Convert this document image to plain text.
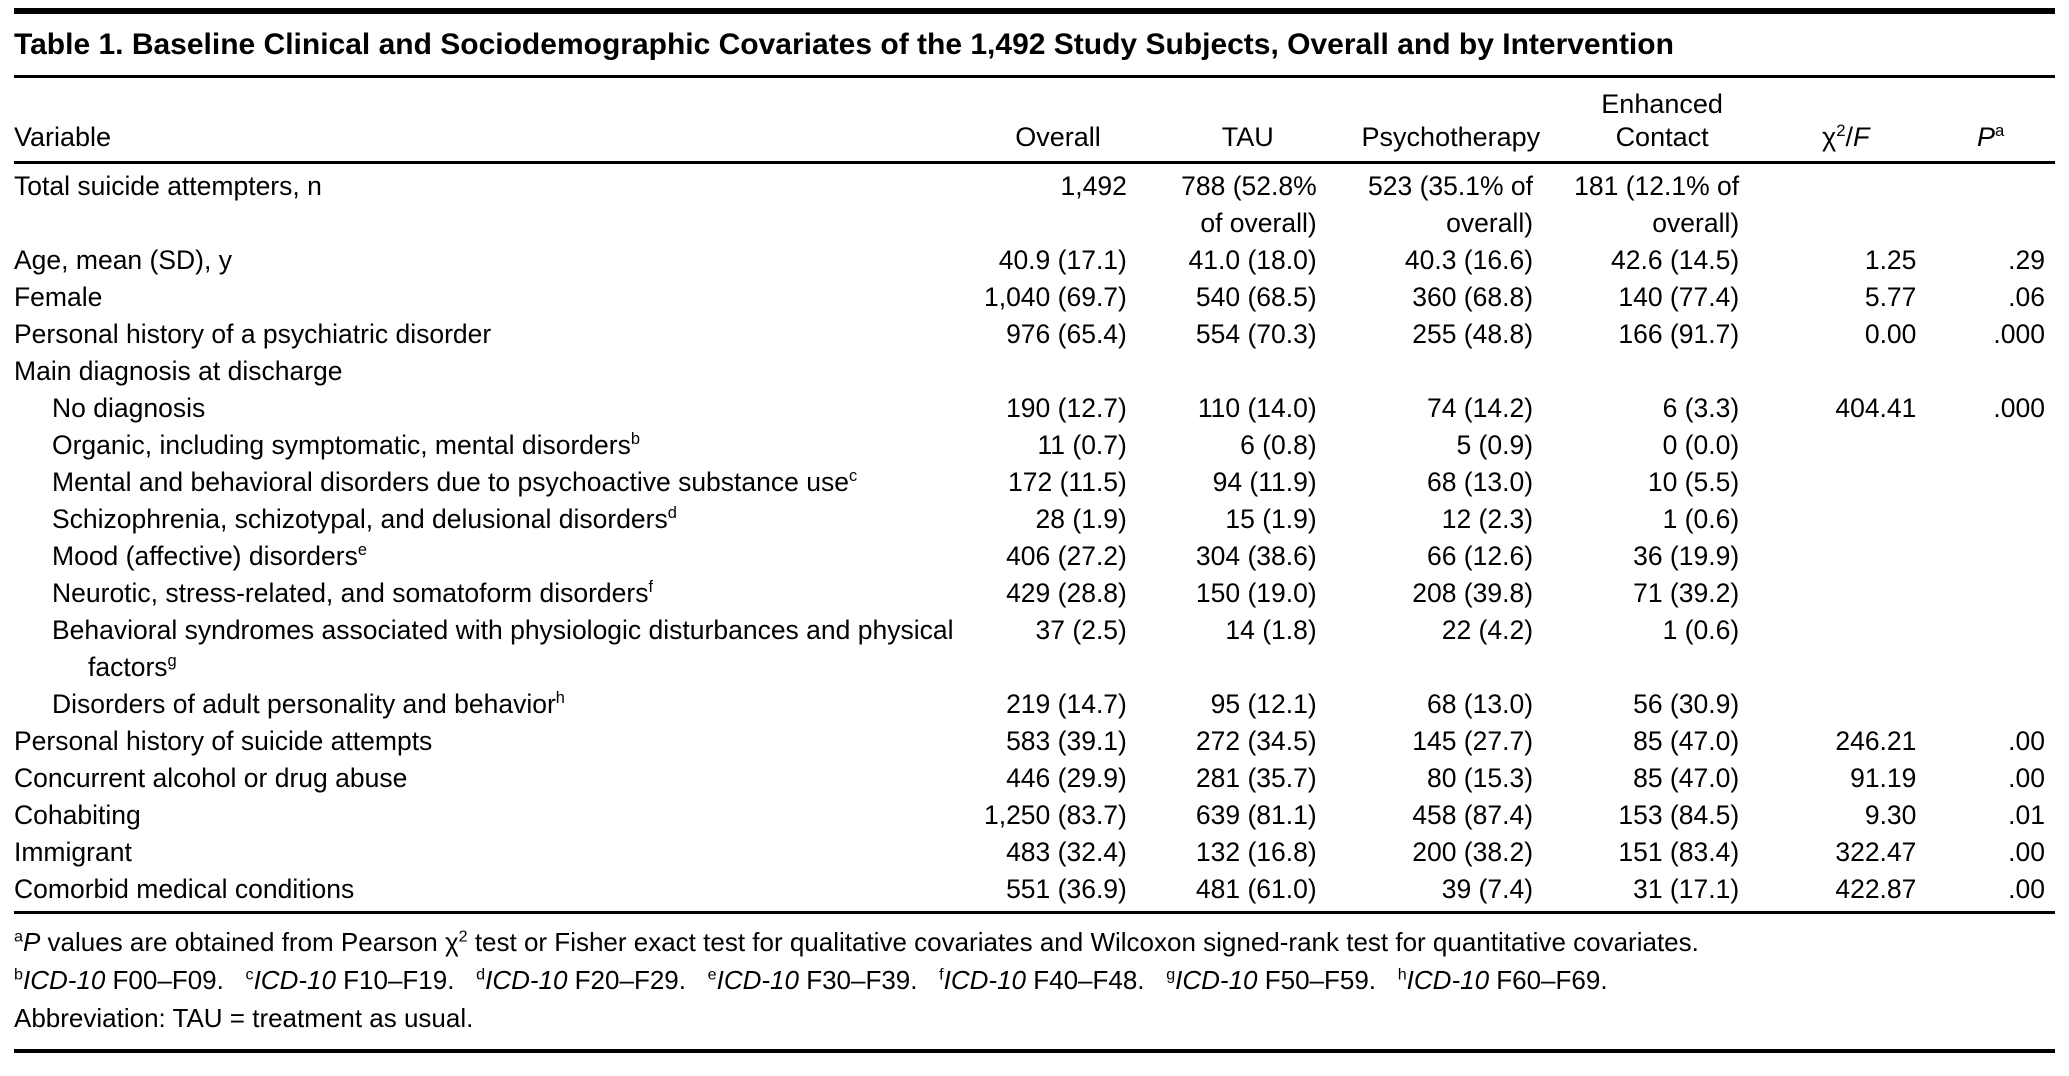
Table 1. Baseline Clinical and Sociodemographic Covariates of the 1,492 Study Subjects, Overall and by Intervention
Variable	Overall	TAU	Psychotherapy	Enhanced Contact	$\chi^2/F$	$P^a$
Total suicide attempters, n	1,492	788 (52.8% of overall)	523 (35.1% of overall)	181 (12.1% of overall)		
Age, mean (SD), y	40.9 (17.1)	41.0 (18.0)	40.3 (16.6)	42.6 (14.5)	1.25	.29
Female	1,040 (69.7)	540 (68.5)	360 (68.8)	140 (77.4)	5.77	.06
Personal history of a psychiatric disorder	976 (65.4)	554 (70.3)	255 (48.8)	166 (91.7)	0.00	.000
Main diagnosis at discharge						
No diagnosis	190 (12.7)	110 (14.0)	74 (14.2)	6 (3.3)	404.41	.000
Organic, including symptomatic, mental disorders$^b$	11 (0.7)	6 (0.8)	5 (0.9)	0 (0.0)		
Mental and behavioral disorders due to psychoactive substance use$^c$	172 (11.5)	94 (11.9)	68 (13.0)	10 (5.5)		
Schizophrenia, schizotypal, and delusional disorders$^d$	28 (1.9)	15 (1.9)	12 (2.3)	1 (0.6)		
Mood (affective) disorders$^e$	406 (27.2)	304 (38.6)	66 (12.6)	36 (19.9)		
Neurotic, stress-related, and somatoform disorders$^f$	429 (28.8)	150 (19.0)	208 (39.8)	71 (39.2)		
Behavioral syndromes associated with physiologic disturbances and physical factors$^g$	37 (2.5)	14 (1.8)	22 (4.2)	1 (0.6)		
Disorders of adult personality and behavior$^h$	219 (14.7)	95 (12.1)	68 (13.0)	56 (30.9)		
Personal history of suicide attempts	583 (39.1)	272 (34.5)	145 (27.7)	85 (47.0)	246.21	.00
Concurrent alcohol or drug abuse	446 (29.9)	281 (35.7)	80 (15.3)	85 (47.0)	91.19	.00
Cohabiting	1,250 (83.7)	639 (81.1)	458 (87.4)	153 (84.5)	9.30	.01
Immigrant	483 (32.4)	132 (16.8)	200 (38.2)	151 (83.4)	322.47	.00
Comorbid medical conditions	551 (36.9)	481 (61.0)	39 (7.4)	31 (17.1)	422.87	.00
$^a$P values are obtained from Pearson $\chi^2$ test or Fisher exact test for qualitative covariates and Wilcoxon signed-rank test for quantitative covariates.
$^b$ICD-10 F00–F09.   $^c$ICD-10 F10–F19.   $^d$ICD-10 F20–F29.   $^e$ICD-10 F30–F39.   $^f$ICD-10 F40–F48.   $^g$ICD-10 F50–F59.   $^h$ICD-10 F60–F69.
Abbreviation: TAU = treatment as usual.
